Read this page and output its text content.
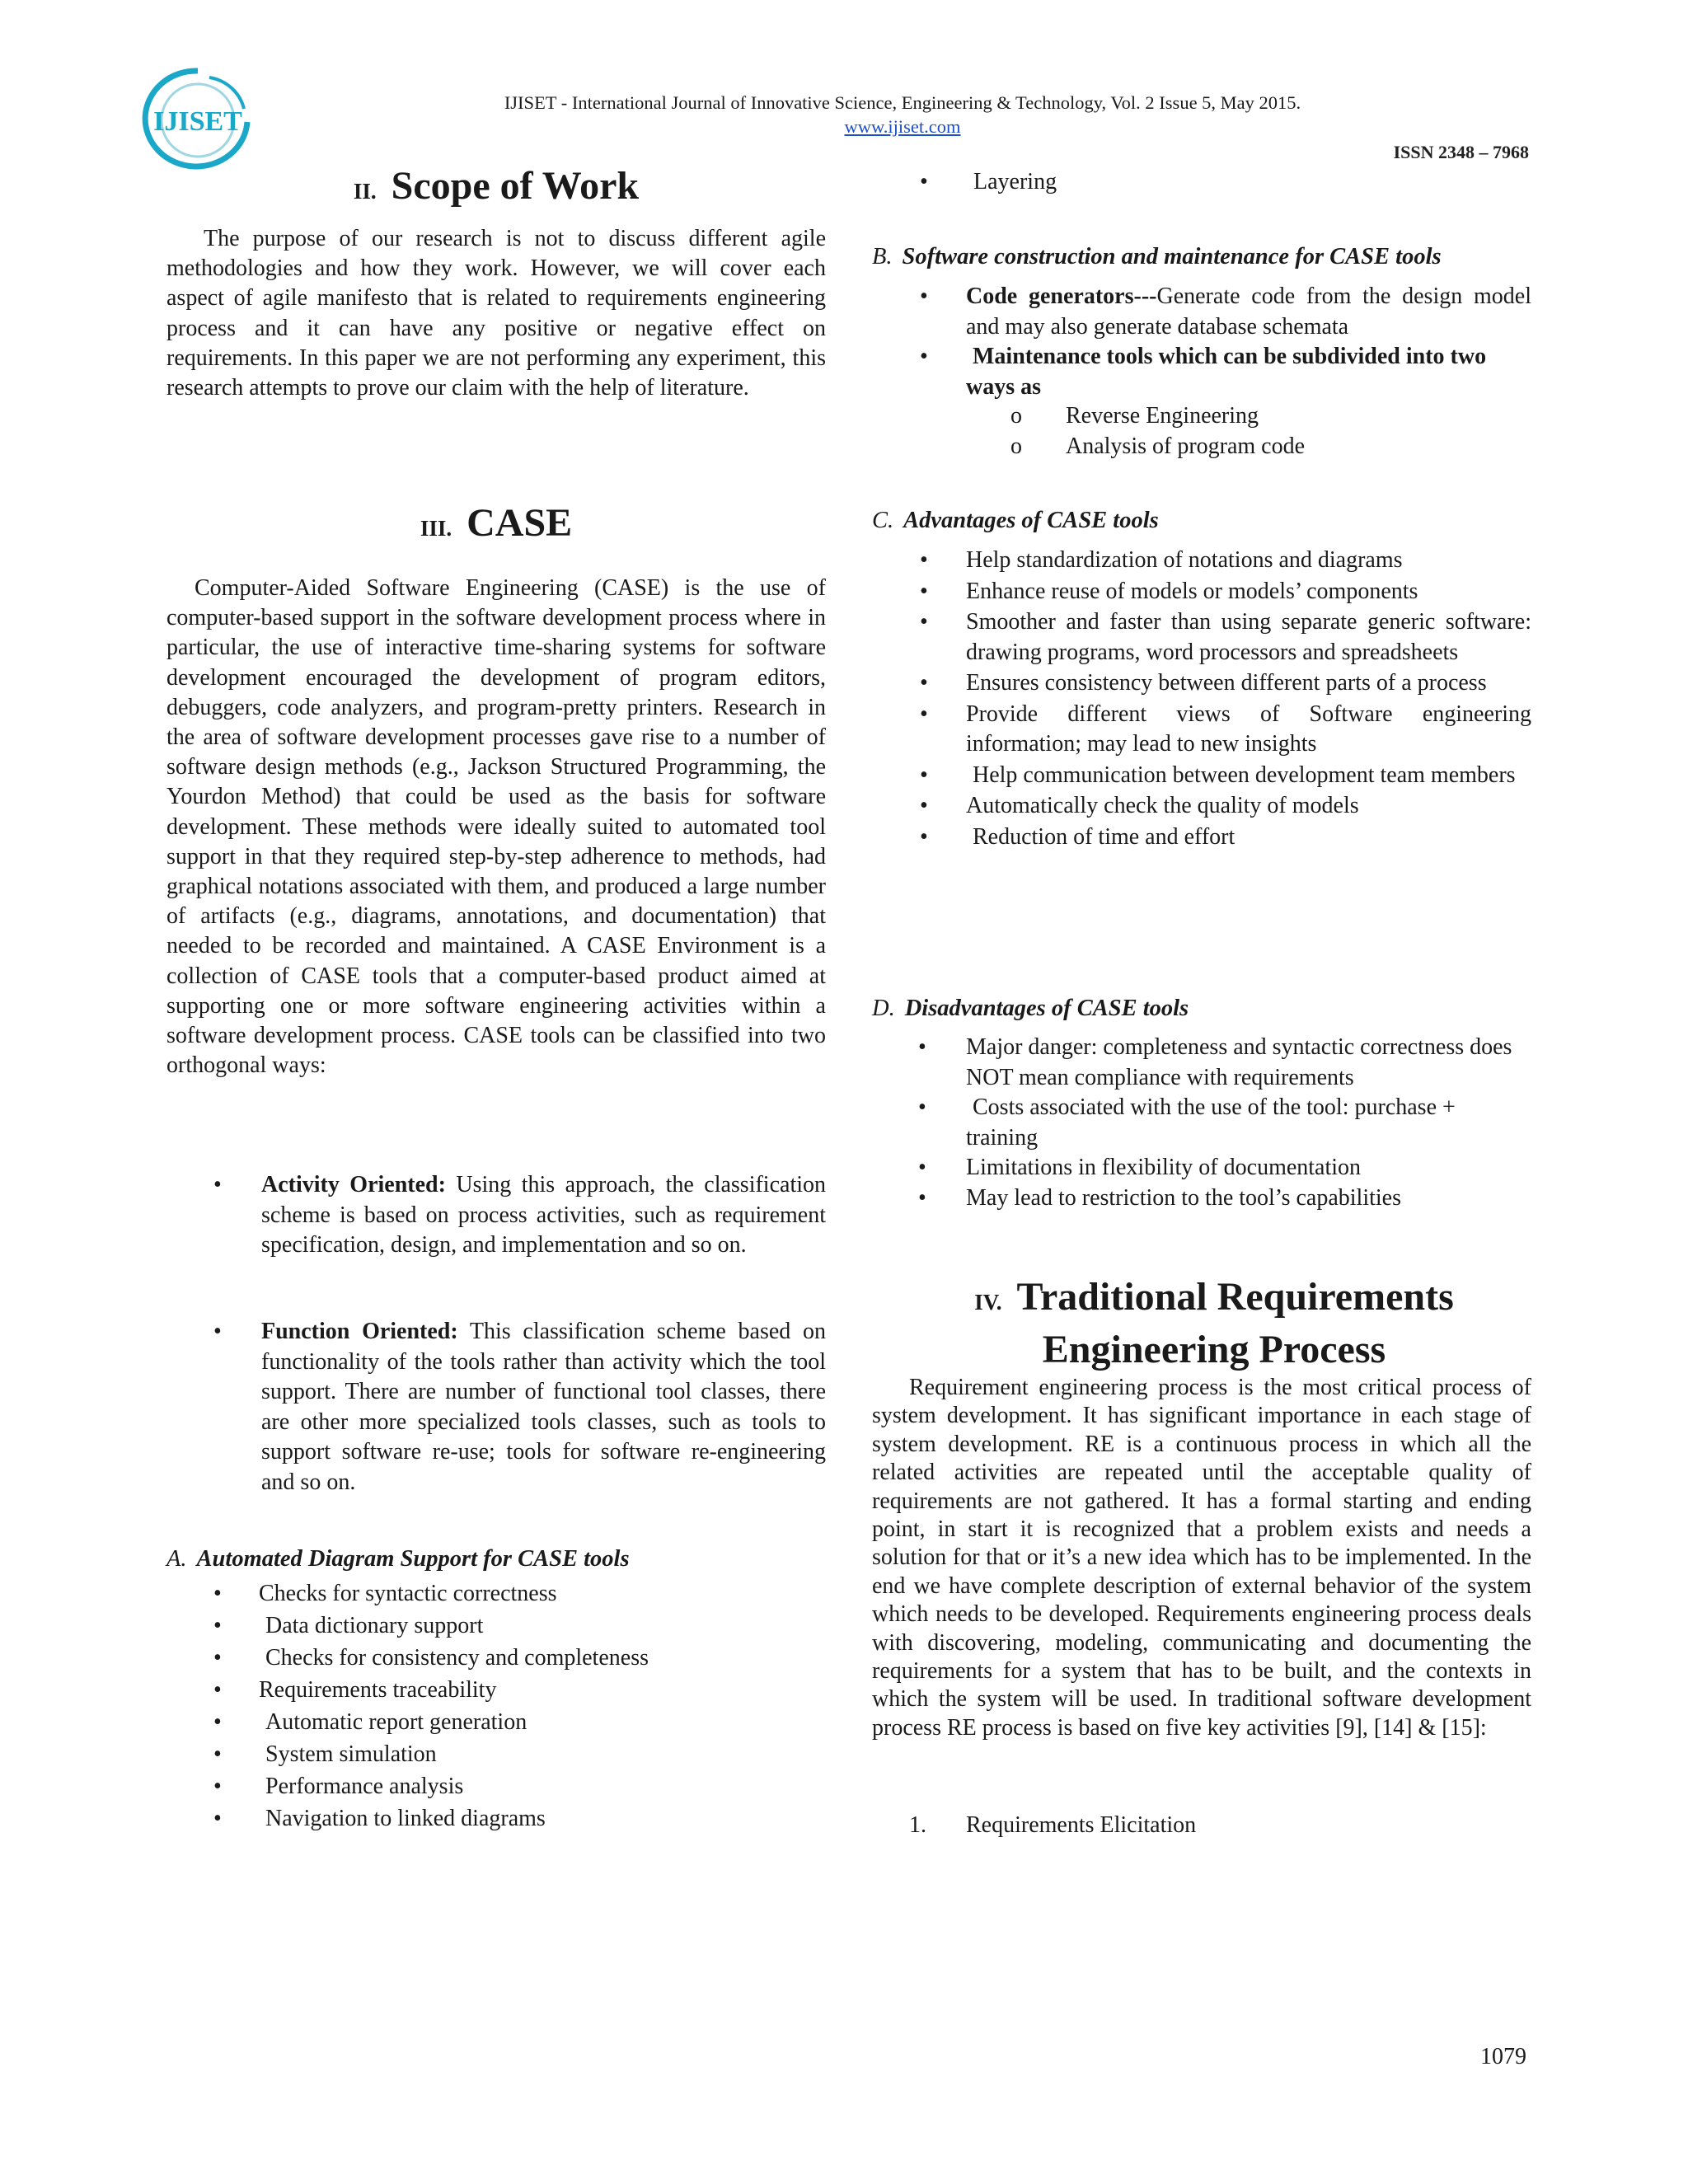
IJISET
IJISET - International Journal of Innovative Science, Engineering & Technology, Vol. 2 Issue 5, May 2015.
www.ijiset.com
ISSN 2348 – 7968
II. Scope of Work

The purpose of our research is not to discuss different agile methodologies and how they work. However, we will cover each aspect of agile manifesto that is related to requirements engineering process and it can have any positive or negative effect on requirements. In this paper we are not performing any experiment, this research attempts to prove our claim with the help of literature.

III. CASE

Computer-Aided Software Engineering (CASE) is the use of computer-based support in the software development process where in particular, the use of interactive time-sharing systems for software development encouraged the development of program editors, debuggers, code analyzers, and program-pretty printers. Research in the area of software development processes gave rise to a number of software design methods (e.g., Jackson Structured Programming, the Yourdon Method) that could be used as the basis for software development. These methods were ideally suited to automated tool support in that they required step-by-step adherence to methods, had graphical notations associated with them, and produced a large number of artifacts (e.g., diagrams, annotations, and documentation) that needed to be recorded and maintained. A CASE Environment is a collection of CASE tools that a computer-based product aimed at supporting one or more software engineering activities within a software development process. CASE tools can be classified into two orthogonal ways:

• Activity Oriented: Using this approach, the classification scheme is based on process activities, such as requirement specification, design, and implementation and so on.
• Function Oriented: This classification scheme based on functionality of the tools rather than activity which the tool support. There are number of functional tool classes, there are other more specialized tools classes, such as tools to support software re-use; tools for software re-engineering and so on.
A. Automated Diagram Support for CASE tools
• Checks for syntactic correctness
• Data dictionary support
• Checks for consistency and completeness
• Requirements traceability
• Automatic report generation
• System simulation
• Performance analysis
• Navigation to linked diagrams
• Layering
B. Software construction and maintenance for CASE tools
• Code generators---Generate code from the design model and may also generate database schemata
• Maintenance tools which can be subdivided into two ways as
o Reverse Engineering
o Analysis of program code
C. Advantages of CASE tools
• Help standardization of notations and diagrams
• Enhance reuse of models or models’ components
• Smoother and faster than using separate generic software: drawing programs, word processors and spreadsheets
• Ensures consistency between different parts of a process
• Provide different views of Software engineering information; may lead to new insights
• Help communication between development team members
• Automatically check the quality of models
• Reduction of time and effort
D. Disadvantages of CASE tools
• Major danger: completeness and syntactic correctness does NOT mean compliance with requirements
• Costs associated with the use of the tool: purchase + training
• Limitations in flexibility of documentation
• May lead to restriction to the tool’s capabilities
IV. Traditional Requirements
Engineering Process

Requirement engineering process is the most critical process of system development. It has significant importance in each stage of system development. RE is a continuous process in which all the related activities are repeated until the acceptable quality of requirements are not gathered. It has a formal starting and ending point, in start it is recognized that a problem exists and needs a solution for that or it’s a new idea which has to be implemented. In the end we have complete description of external behavior of the system which needs to be developed. Requirements engineering process deals with discovering, modeling, communicating and documenting the requirements for a system that has to be built, and the contexts in which the system will be used. In traditional software development process RE process is based on five key activities [9], [14] & [15]:

1. Requirements Elicitation
1079
